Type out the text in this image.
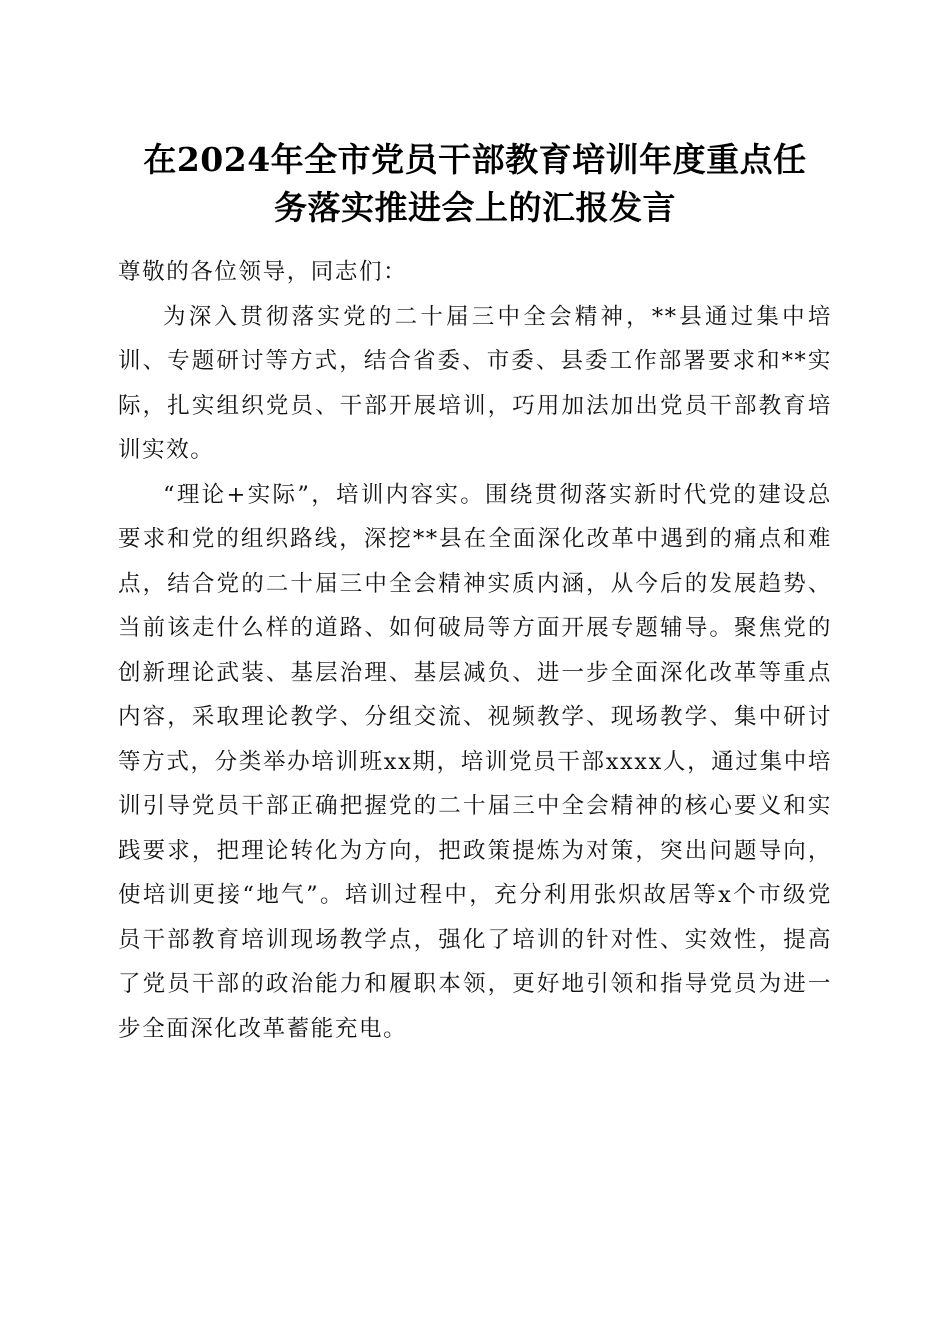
在2024年全市党员干部教育培训年度重点任
务落实推进会上的汇报发言

尊敬的各位领导，同志们：

为深入贯彻落实党的二十届三中全会精神，**县通过集中培训、专题研讨等方式，结合省委、市委、县委工作部署要求和**实际，扎实组织党员、干部开展培训，巧用加法加出党员干部教育培训实效。

“理论+实际”，培训内容实。围绕贯彻落实新时代党的建设总要求和党的组织路线，深挖**县在全面深化改革中遇到的痛点和难点，结合党的二十届三中全会精神实质内涵，从今后的发展趋势、当前该走什么样的道路、如何破局等方面开展专题辅导。聚焦党的创新理论武装、基层治理、基层减负、进一步全面深化改革等重点内容，采取理论教学、分组交流、视频教学、现场教学、集中研讨等方式，分类举办培训班xx期，培训党员干部xxxx人，通过集中培训引导党员干部正确把握党的二十届三中全会精神的核心要义和实践要求，把理论转化为方向，把政策提炼为对策，突出问题导向，使培训更接“地气”。培训过程中，充分利用张炽故居等x个市级党员干部教育培训现场教学点，强化了培训的针对性、实效性，提高了党员干部的政治能力和履职本领，更好地引领和指导党员为进一步全面深化改革蓄能充电。
